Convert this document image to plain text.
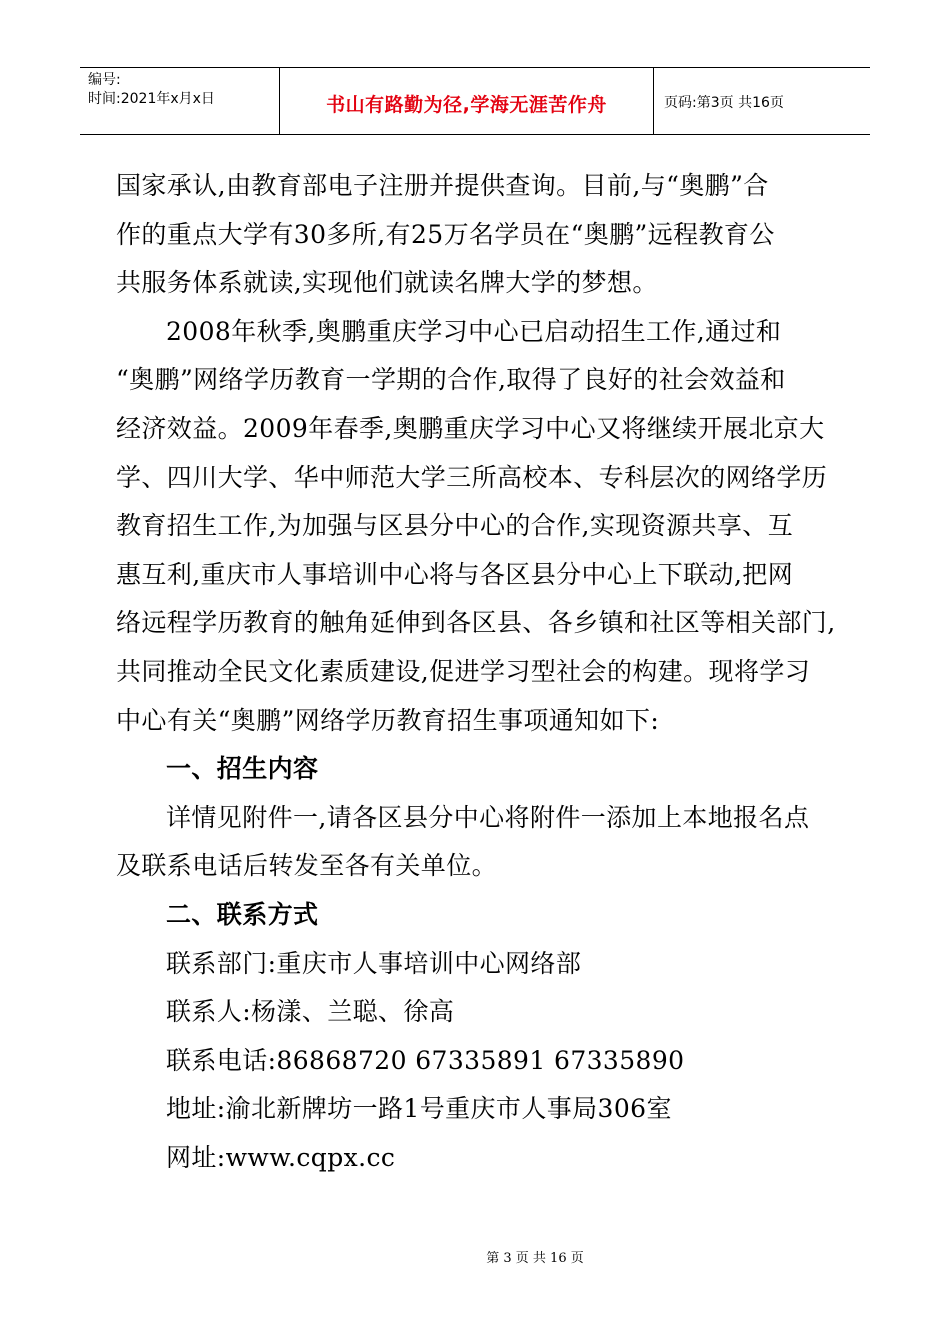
编号:
时间:2021年x月x日	书山有路勤为径,学海无涯苦作舟	页码:第3页 共16页

国家承认,由教育部电子注册并提供查询。目前,与“奥鹏”合

作的重点大学有30多所,有25万名学员在“奥鹏”远程教育公

共服务体系就读,实现他们就读名牌大学的梦想。

2008年秋季,奥鹏重庆学习中心已启动招生工作,通过和

“奥鹏”网络学历教育一学期的合作,取得了良好的社会效益和

经济效益。2009年春季,奥鹏重庆学习中心又将继续开展北京大

学、四川大学、华中师范大学三所高校本、专科层次的网络学历

教育招生工作,为加强与区县分中心的合作,实现资源共享、互

惠互利,重庆市人事培训中心将与各区县分中心上下联动,把网

络远程学历教育的触角延伸到各区县、各乡镇和社区等相关部门,

共同推动全民文化素质建设,促进学习型社会的构建。现将学习

中心有关“奥鹏”网络学历教育招生事项通知如下:

一、招生内容

详情见附件一,请各区县分中心将附件一添加上本地报名点

及联系电话后转发至各有关单位。

二、联系方式

联系部门:重庆市人事培训中心网络部

联系人:杨漾、兰聪、徐高

联系电话:86868720 67335891 67335890

地址:渝北新牌坊一路1号重庆市人事局306室

网址:www.cqpx.cc

第 3 页 共 16 页
